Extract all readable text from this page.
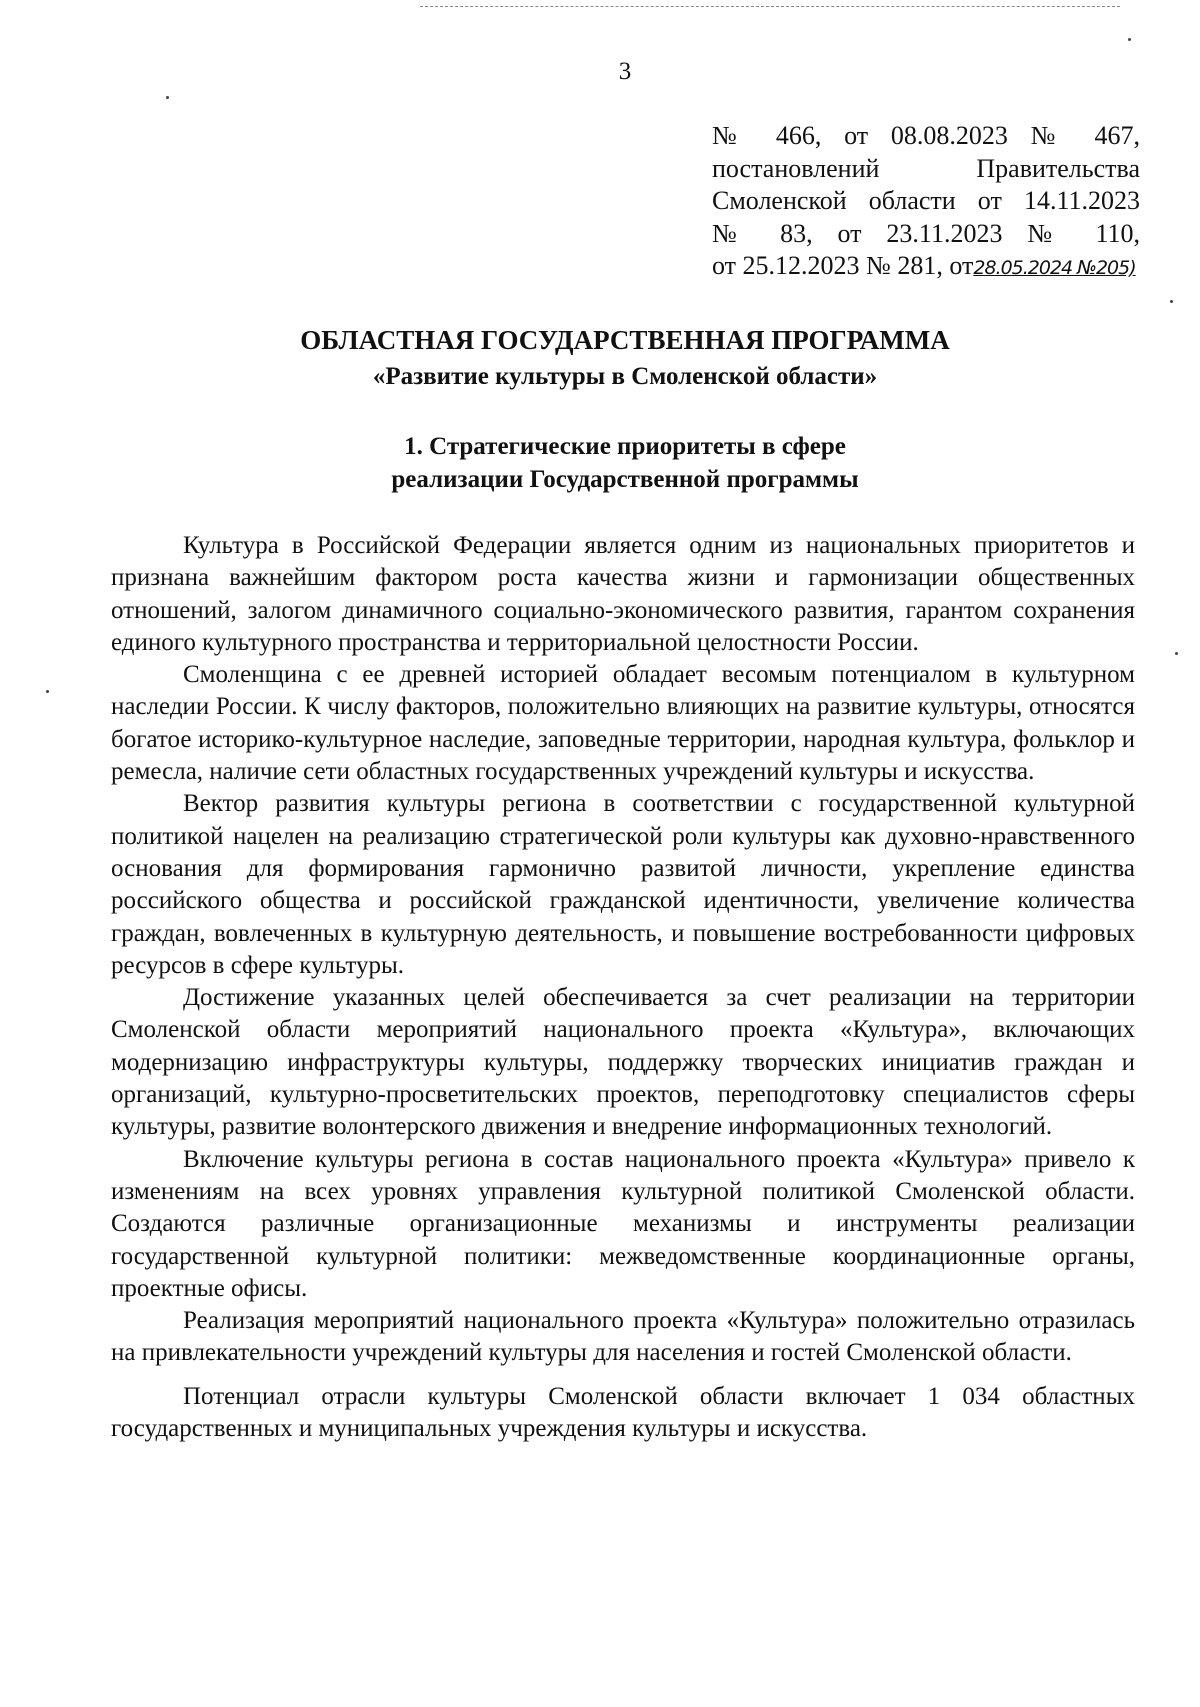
3
№ 466, от 08.08.2023 № 467,
постановлений Правительства
Смоленской области от 14.11.2023
№ 83, от 23.11.2023 № 110,
от 25.12.2023 № 281, от28.05.2024 №205)
ОБЛАСТНАЯ ГОСУДАРСТВЕННАЯ ПРОГРАММА
«Развитие культуры в Смоленской области»
1. Стратегические приоритеты в сфере
реализации Государственной программы

Культура в Российской Федерации является одним из национальных приоритетов и признана важнейшим фактором роста качества жизни и гармонизации общественных отношений, залогом динамичного социально-экономического развития, гарантом сохранения единого культурного пространства и территориальной целостности России.

Смоленщина с ее древней историей обладает весомым потенциалом в культурном наследии России. К числу факторов, положительно влияющих на развитие культуры, относятся богатое историко-культурное наследие, заповедные территории, народная культура, фольклор и ремесла, наличие сети областных государственных учреждений культуры и искусства.

Вектор развития культуры региона в соответствии с государственной культурной политикой нацелен на реализацию стратегической роли культуры как духовно-нравственного основания для формирования гармонично развитой личности, укрепление единства российского общества и российской гражданской идентичности, увеличение количества граждан, вовлеченных в культурную деятельность, и повышение востребованности цифровых ресурсов в сфере культуры.

Достижение указанных целей обеспечивается за счет реализации на территории Смоленской области мероприятий национального проекта «Культура», включающих модернизацию инфраструктуры культуры, поддержку творческих инициатив граждан и организаций, культурно-просветительских проектов, переподготовку специалистов сферы культуры, развитие волонтерского движения и внедрение информационных технологий.

Включение культуры региона в состав национального проекта «Культура» привело к изменениям на всех уровнях управления культурной политикой Смоленской области. Создаются различные организационные механизмы и инструменты реализации государственной культурной политики: межведомственные координационные органы, проектные офисы.

Реализация мероприятий национального проекта «Культура» положительно отразилась на привлекательности учреждений культуры для населения и гостей Смоленской области.

Потенциал отрасли культуры Смоленской области включает 1 034 областных государственных и муниципальных учреждения культуры и искусства.
